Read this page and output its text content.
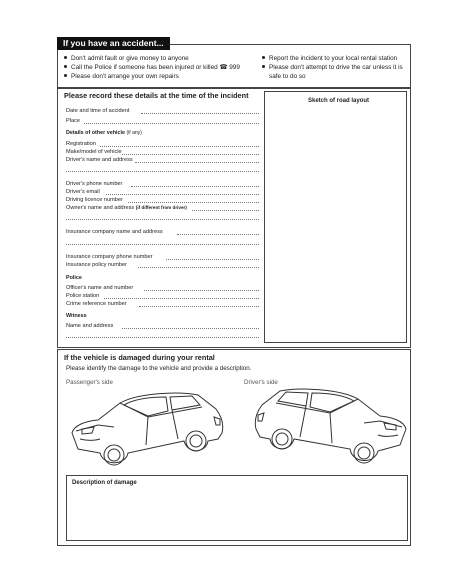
If you have an accident...
Don't admit fault or give money to anyone
Call the Police if someone has been injured or killed ☎ 999
Please don't arrange your own repairs
Report the incident to your local rental station
Please don't attempt to drive the car unless it is
safe to do so
Please record these details at the time of the incident
Date and time of accident
Place
Details of other vehicle (if any)
Registration
Make/model of vehicle
Driver's name and address
Driver's phone number
Driver's email
Driving licence number
Owner's name and address (if different from driver)
Insurance company name and address
Insurance company phone number
Insurance policy number
Police
Officer's name and number
Police station
Crime reference number
Witness
Name and address
Sketch of road layout
If the vehicle is damaged during your rental
Please identify the damage to the vehicle and provide a description.
Passenger's side	Driver's side
Description of damage
